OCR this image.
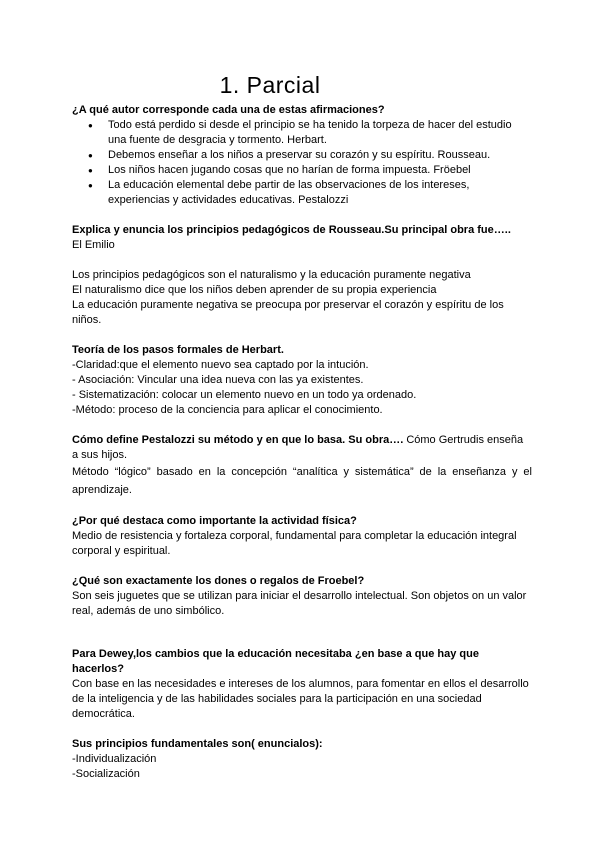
1. Parcial

¿A qué autor corresponde cada una de estas afirmaciones?

● Todo está perdido si desde el principio se ha tenido la torpeza de hacer del estudio una fuente de desgracia y tormento. Herbart.
● Debemos enseñar a los niños a preservar su corazón y su espíritu. Rousseau.
● Los niños hacen jugando cosas que no harían de forma impuesta. Fröebel
● La educación elemental debe partir de las observaciones de los intereses, experiencias y actividades educativas. Pestalozzi

Explica y enuncia los principios pedagógicos de Rousseau.Su principal obra fue…..

El Emilio

Los principios pedagógicos son el naturalismo y la educación puramente negativa

El naturalismo dice que los niños deben aprender de su propia experiencia

La educación puramente negativa se preocupa por preservar el corazón y espíritu de los niños.

Teoría de los pasos formales de Herbart.

-Claridad:que el elemento nuevo sea captado por la intución.

- Asociación: Vincular una idea nueva con las ya existentes.

- Sistematización: colocar un elemento nuevo en un todo ya ordenado.

-Método: proceso de la conciencia para aplicar el conocimiento.

Cómo define Pestalozzi su método y en que lo basa. Su obra…. Cómo Gertrudis enseña a sus hijos.

Método “lógico” basado en la concepción “analítica y sistemática” de la enseñanza y el aprendizaje.

¿Por qué destaca como importante la actividad física?

Medio de resistencia y fortaleza corporal, fundamental para completar la educación integral corporal y espiritual.

¿Qué son exactamente los dones o regalos de Froebel?

Son seis juguetes que se utilizan para iniciar el desarrollo intelectual. Son objetos on un valor real, además de uno simbólico.

Para Dewey,los cambios que la educación necesitaba ¿en base a que hay que hacerlos?

Con base en las necesidades e intereses de los alumnos, para fomentar en ellos el desarrollo de la inteligencia y de las habilidades sociales para la participación en una sociedad democrática.

Sus principios fundamentales son( enuncialos):

-Individualización

-Socialización
